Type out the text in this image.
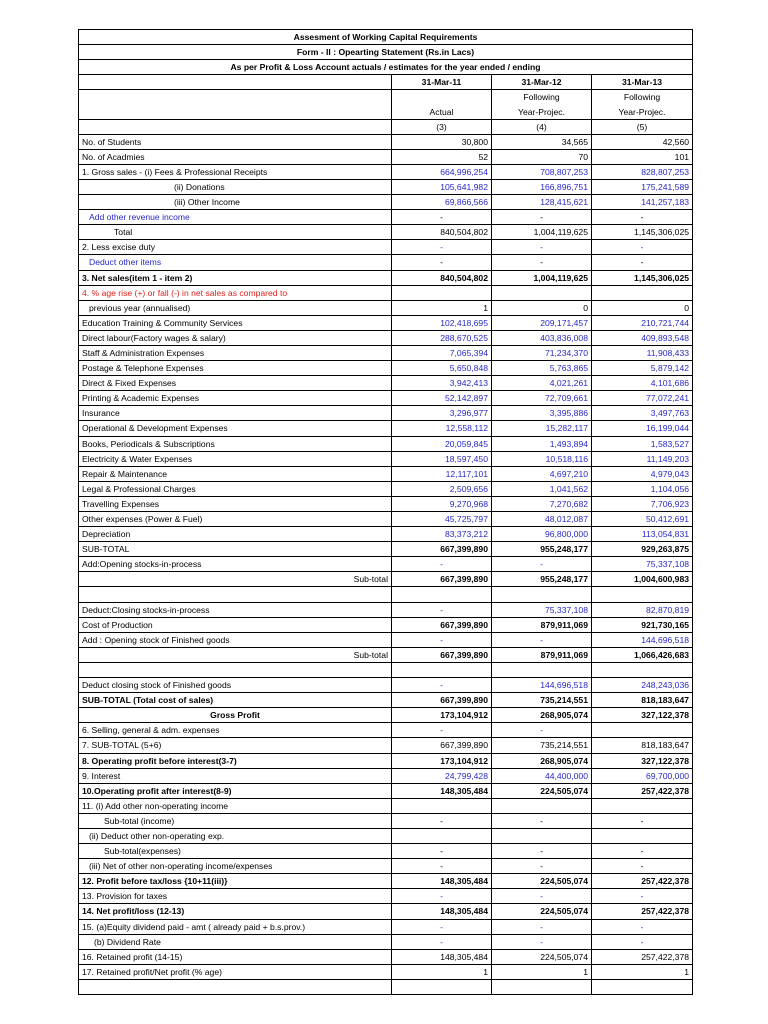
Assesment of Working Capital Requirements			
Form - II : Opearting Statement (Rs.in Lacs)			
As per Profit & Loss Account actuals / estimates for the year ended / ending			
	31-Mar-11	31-Mar-12	31-Mar-13
		Following	Following
	Actual	Year-Projec.	Year-Projec.
	(3)	(4)	(5)
No. of Students	30,800	34,565	42,560
No. of Acadmies	52	70	101
1. Gross sales - (i) Fees & Professional Receipts	664,996,254	708,807,253	828,807,253
(ii) Donations	105,641,982	166,896,751	175,241,589
(iii) Other Income	69,866,566	128,415,621	141,257,183
Add other revenue income	-	-	-
Total	840,504,802	1,004,119,625	1,145,306,025
2. Less excise duty	-	-	-
Deduct other items	-	-	-
3. Net sales(item 1 - item 2)	840,504,802	1,004,119,625	1,145,306,025
4. % age rise (+) or fall (-) in net sales as compared to			
previous year (annualised)	1	0	0
Education Training & Community Services	102,418,695	209,171,457	210,721,744
Direct labour(Factory wages & salary)	288,670,525	403,836,008	409,893,548
Staff & Administration Expenses	7,065,394	71,234,370	11,908,433
Postage & Telephone Expenses	5,650,848	5,763,865	5,879,142
Direct & Fixed Expenses	3,942,413	4,021,261	4,101,686
Printing & Academic Expenses	52,142,897	72,709,661	77,072,241
Insurance	3,296,977	3,395,886	3,497,763
Operational & Development Expenses	12,558,112	15,282,117	16,199,044
Books, Periodicals & Subscriptions	20,059,845	1,493,894	1,583,527
Electricity & Water Expenses	18,597,450	10,518,116	11,149,203
Repair & Maintenance	12,117,101	4,697,210	4,979,043
Legal & Professional Charges	2,509,656	1,041,562	1,104,056
Travelling Expenses	9,270,968	7,270,682	7,706,923
Other expenses (Power & Fuel)	45,725,797	48,012,087	50,412,691
Depreciation	83,373,212	96,800,000	113,054,831
SUB-TOTAL	667,399,890	955,248,177	929,263,875
Add:Opening stocks-in-process	-	-	75,337,108
Sub-total	667,399,890	955,248,177	1,004,600,983

Deduct:Closing stocks-in-process	-	75,337,108	82,870,819
Cost of Production	667,399,890	879,911,069	921,730,165
Add : Opening stock of Finished goods	-	-	144,696,518
Sub-total	667,399,890	879,911,069	1,066,426,683

Deduct closing stock of Finished goods	-	144,696,518	248,243,036
SUB-TOTAL (Total cost of sales)	667,399,890	735,214,551	818,183,647
Gross Profit	173,104,912	268,905,074	327,122,378
6. Selling, general & adm. expenses	-	-	
7. SUB-TOTAL (5+6)	667,399,890	735,214,551	818,183,647
8. Operating profit before interest(3-7)	173,104,912	268,905,074	327,122,378
9. Interest	24,799,428	44,400,000	69,700,000
10.Operating profit after interest(8-9)	148,305,484	224,505,074	257,422,378
11. (i) Add other non-operating income			
Sub-total (income)	-	-	-
(ii) Deduct other non-operating exp.			
Sub-total(expenses)	-	-	-
(iii) Net of other non-operating income/expenses	-	-	-
12. Profit before tax/loss {10+11(iii)}	148,305,484	224,505,074	257,422,378
13. Provision for taxes	-	-	-
14. Net profit/loss (12-13)	148,305,484	224,505,074	257,422,378
15. (a)Equity dividend paid - amt ( already paid + b.s.prov.)	-	-	-
(b) Dividend Rate	-	-	-
16. Retained profit (14-15)	148,305,484	224,505,074	257,422,378
17. Retained profit/Net profit (% age)	1	1	1
